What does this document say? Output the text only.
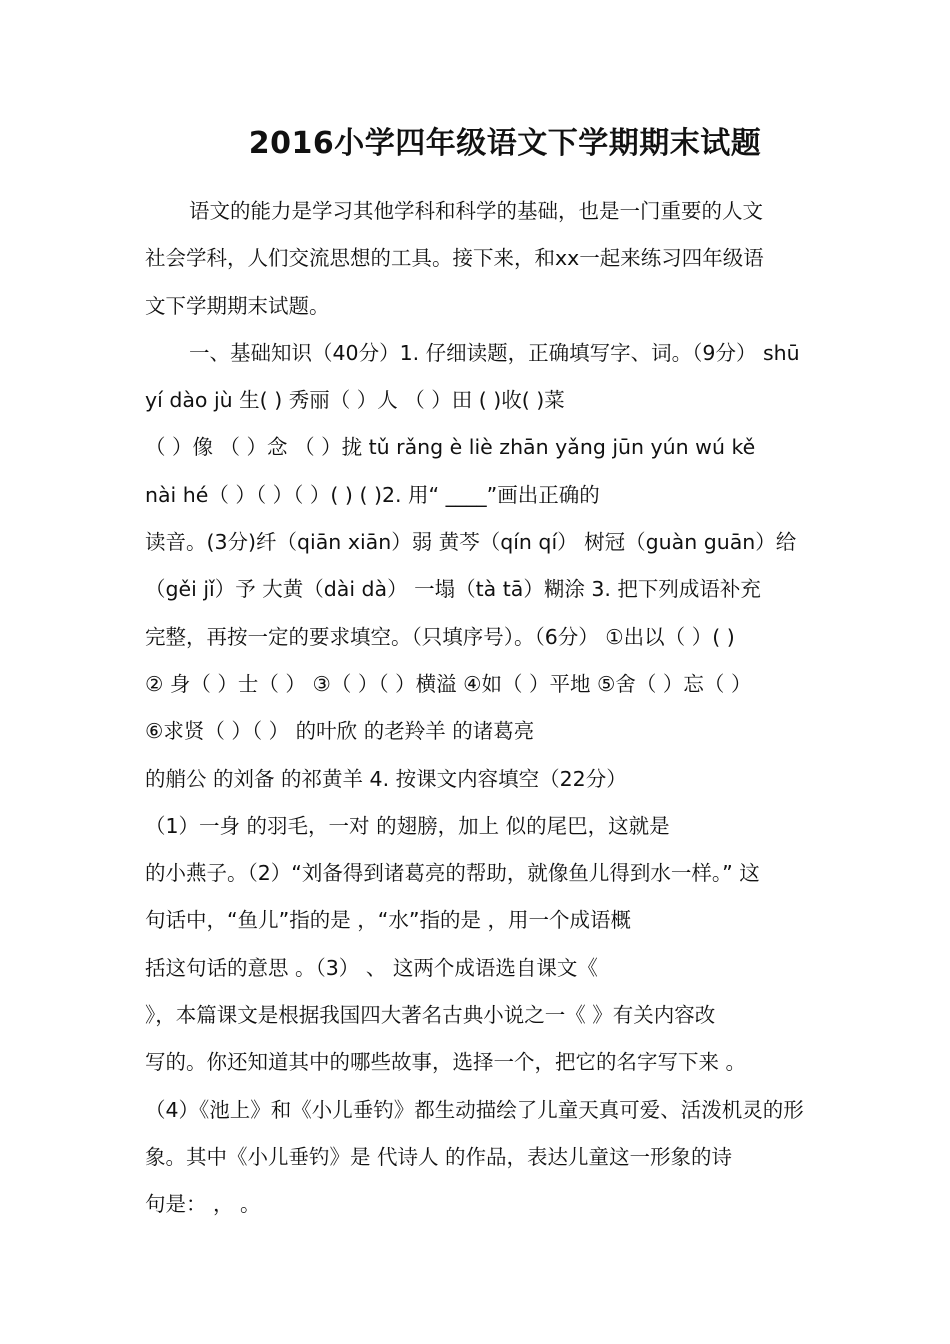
2016小学四年级语文下学期期末试题
语文的能力是学习其他学科和科学的基础，也是一门重要的人文
社会学科，人们交流思想的工具。接下来，和xx一起来练习四年级语
文下学期期末试题。
一、基础知识（40分）1. 仔细读题，正确填写字、词。（9分） shū
yí dào jù 生( ) 秀丽（ ）人 （ ）田 ( )收( )菜
（ ）像 （ ）念 （ ）拢 tǔ rǎng è liè zhān yǎng jūn yún wú kě
nài hé（ ）（ ）（ ）( ) ( )2. 用“ ____”画出正确的
读音。(3分)纤（qiān xiān）弱 黄芩（qín qí） 树冠（guàn guān）给
（gěi jǐ）予 大黄（dài dà） 一塌（tà tā）糊涂 3. 把下列成语补充
完整，再按一定的要求填空。（只填序号）。（6分） ①出以（ ）( )
② 身（ ）士（ ） ③（ ）（ ）横溢 ④如（ ）平地 ⑤舍（ ）忘（ ）
⑥求贤（ ）（ ） 的叶欣 的老羚羊 的诸葛亮
的艄公 的刘备 的祁黄羊 4. 按课文内容填空（22分）
（1）一身 的羽毛，一对 的翅膀，加上 似的尾巴，这就是
的小燕子。（2）“刘备得到诸葛亮的帮助，就像鱼儿得到水一样。” 这
句话中，“鱼儿”指的是 ，“水”指的是 ，用一个成语概
括这句话的意思 。（3） 、 这两个成语选自课文《
》，本篇课文是根据我国四大著名古典小说之一《 》有关内容改
写的。你还知道其中的哪些故事，选择一个，把它的名字写下来 。
（4）《池上》和《小儿垂钓》都生动描绘了儿童天真可爱、活泼机灵的形
象。其中《小儿垂钓》是 代诗人 的作品，表达儿童这一形象的诗
句是： ， 。
